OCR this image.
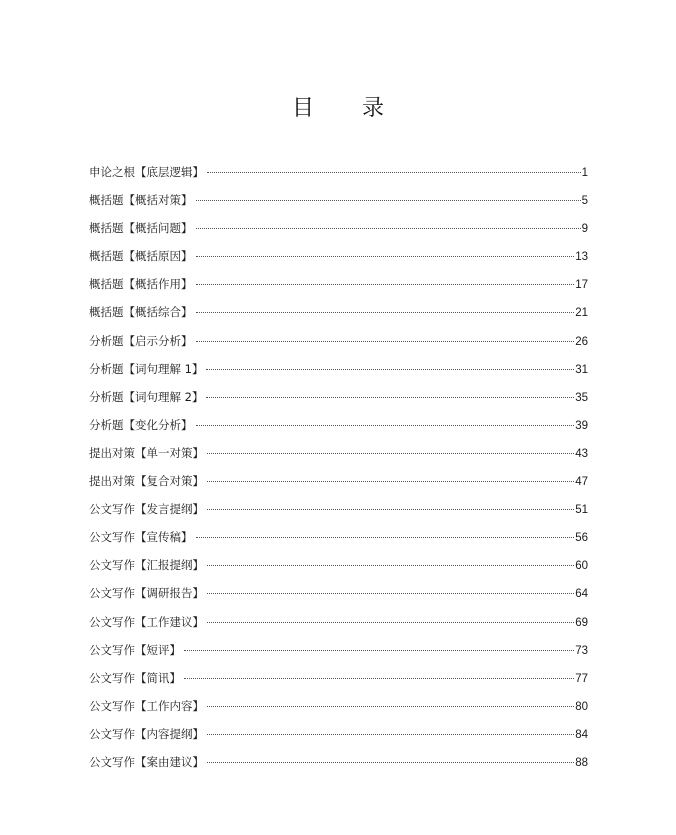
目 录
申论之根【底层逻辑】	1
概括题【概括对策】	5
概括题【概括问题】	9
概括题【概括原因】	13
概括题【概括作用】	17
概括题【概括综合】	21
分析题【启示分析】	26
分析题【词句理解 1】	31
分析题【词句理解 2】	35
分析题【变化分析】	39
提出对策【单一对策】	43
提出对策【复合对策】	47
公文写作【发言提纲】	51
公文写作【宣传稿】	56
公文写作【汇报提纲】	60
公文写作【调研报告】	64
公文写作【工作建议】	69
公文写作【短评】	73
公文写作【简讯】	77
公文写作【工作内容】	80
公文写作【内容提纲】	84
公文写作【案由建议】	88
